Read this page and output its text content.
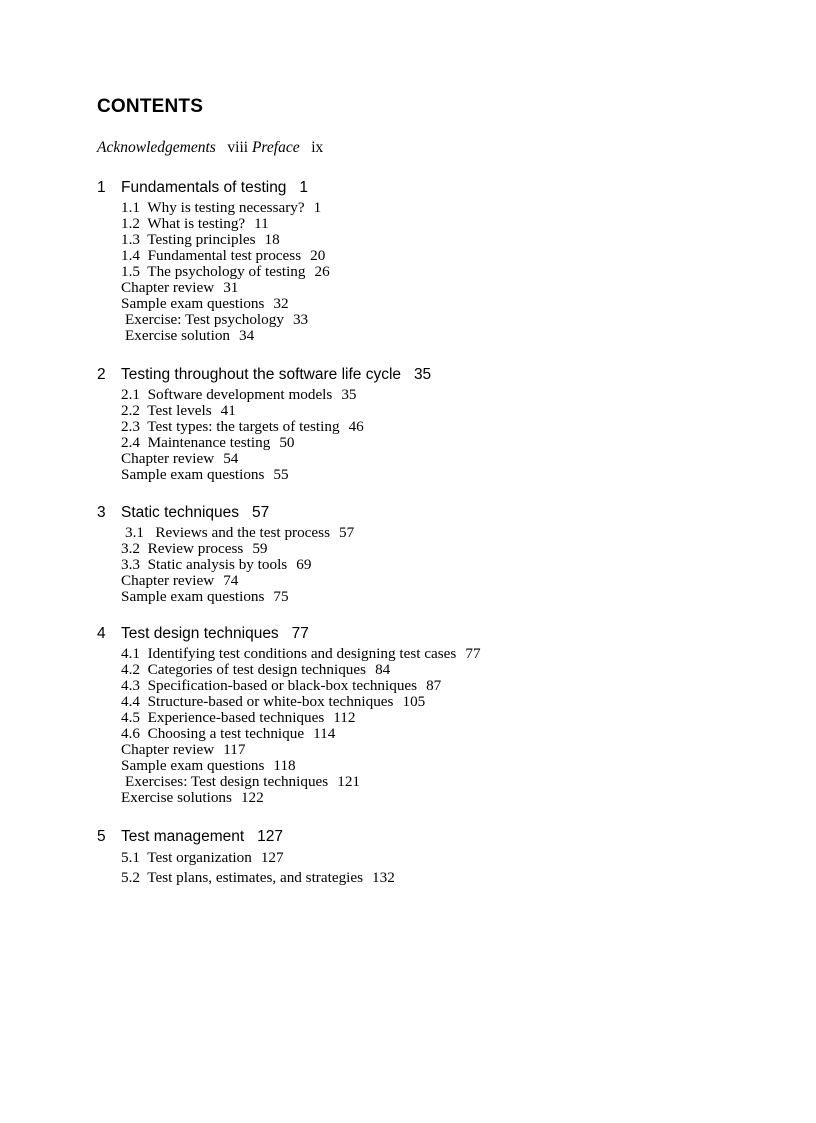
CONTENTS
Acknowledgements viii Preface ix
1 Fundamentals of testing 1
1.1  Why is testing necessary? 1
1.2  What is testing? 11
1.3  Testing principles 18
1.4  Fundamental test process 20
1.5  The psychology of testing 26
Chapter review 31
Sample exam questions 32
Exercise: Test psychology 33
Exercise solution 34
2 Testing throughout the software life cycle 35
2.1  Software development models 35
2.2  Test levels 41
2.3  Test types: the targets of testing 46
2.4  Maintenance testing 50
Chapter review 54
Sample exam questions 55
3 Static techniques 57
3.1   Reviews and the test process 57
3.2  Review process 59
3.3  Static analysis by tools 69
Chapter review 74
Sample exam questions 75
4 Test design techniques 77
4.1  Identifying test conditions and designing test cases 77
4.2  Categories of test design techniques 84
4.3  Specification-based or black-box techniques 87
4.4  Structure-based or white-box techniques 105
4.5  Experience-based techniques 112
4.6  Choosing a test technique 114
Chapter review 117
Sample exam questions 118
Exercises: Test design techniques 121
Exercise solutions 122
5 Test management 127
5.1  Test organization 127
5.2  Test plans, estimates, and strategies 132
